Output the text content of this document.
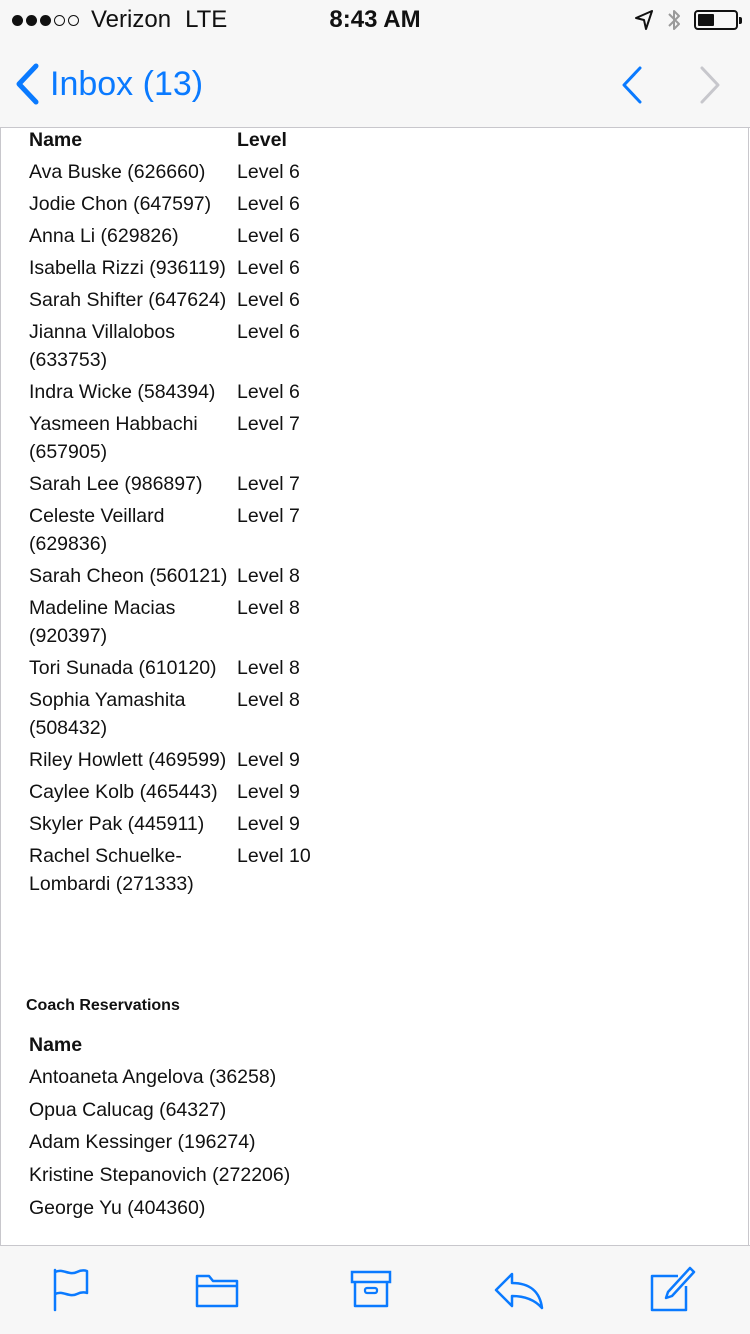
Verizon LTE	8:43 AM
Inbox (13)
Name	Level
Ava Buske (626660)	Level 6
Jodie Chon (647597)	Level 6
Anna Li (629826)	Level 6
Isabella Rizzi (936119)	Level 6
Sarah Shifter (647624)	Level 6
Jianna Villalobos (633753)	Level 6
Indra Wicke (584394)	Level 6
Yasmeen Habbachi (657905)	Level 7
Sarah Lee (986897)	Level 7
Celeste Veillard (629836)	Level 7
Sarah Cheon (560121)	Level 8
Madeline Macias (920397)	Level 8
Tori Sunada (610120)	Level 8
Sophia Yamashita (508432)	Level 8
Riley Howlett (469599)	Level 9
Caylee Kolb (465443)	Level 9
Skyler Pak (445911)	Level 9
Rachel Schuelke-Lombardi (271333)	Level 10
Coach Reservations
Name
Antoaneta Angelova (36258)
Opua Calucag (64327)
Adam Kessinger (196274)
Kristine Stepanovich (272206)
George Yu (404360)
